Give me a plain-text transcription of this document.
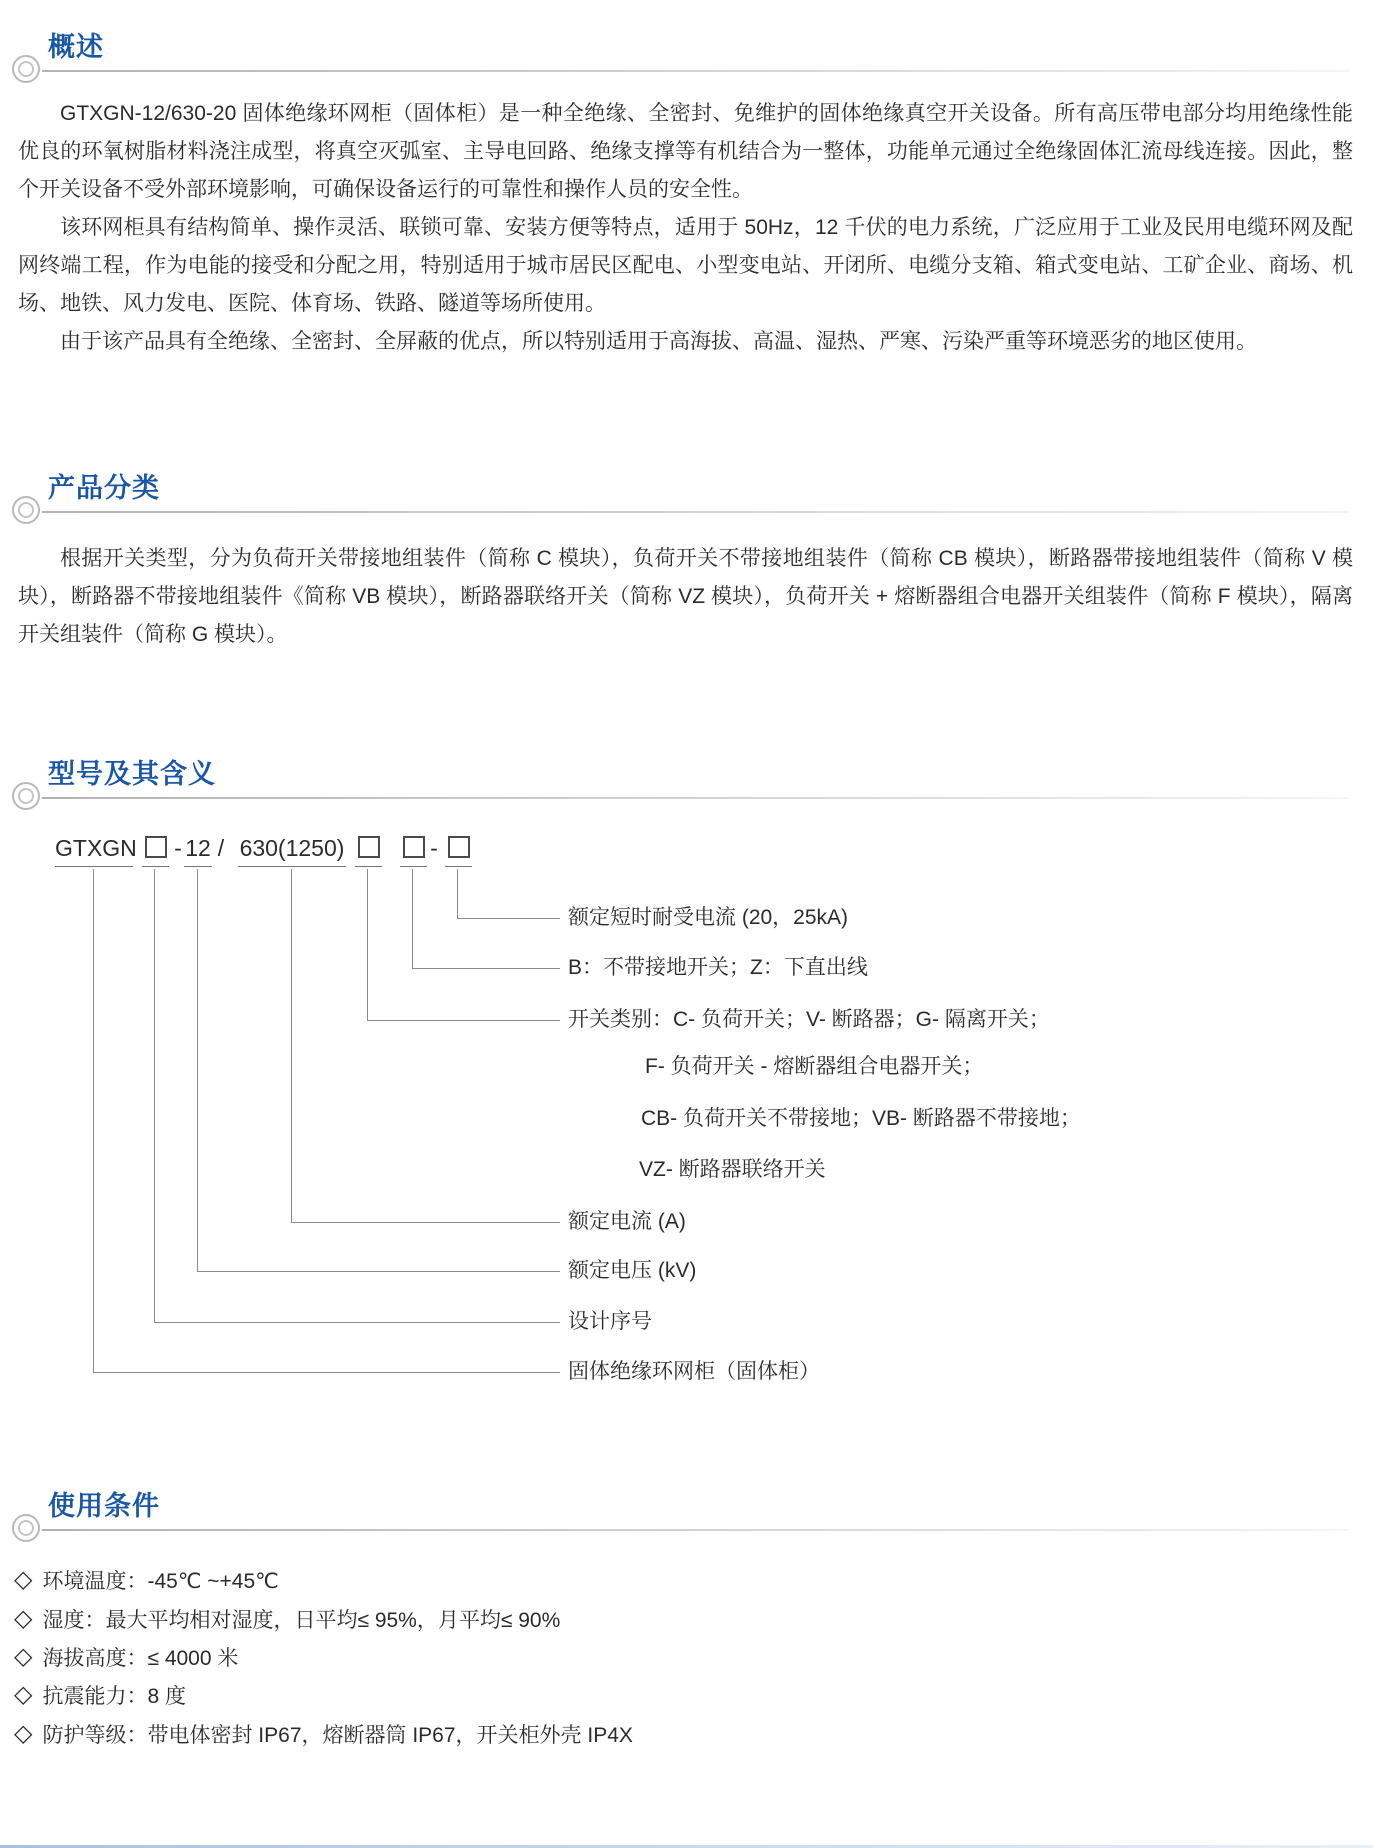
概述

GTXGN-12/630-20 固体绝缘环网柜（固体柜）是一种全绝缘、全密封、免维护的固体绝缘真空开关设备。所有高压带电部分均用绝缘性能优良的环氧树脂材料浇注成型，将真空灭弧室、主导电回路、绝缘支撑等有机结合为一整体，功能单元通过全绝缘固体汇流母线连接。因此，整个开关设备不受外部环境影响，可确保设备运行的可靠性和操作人员的安全性。

该环网柜具有结构简单、操作灵活、联锁可靠、安装方便等特点，适用于 50Hz，12 千伏的电力系统，广泛应用于工业及民用电缆环网及配网终端工程，作为电能的接受和分配之用，特别适用于城市居民区配电、小型变电站、开闭所、电缆分支箱、箱式变电站、工矿企业、商场、机场、地铁、风力发电、医院、体育场、铁路、隧道等场所使用。

由于该产品具有全绝缘、全密封、全屏蔽的优点，所以特别适用于高海拔、高温、湿热、严寒、污染严重等环境恶劣的地区使用。

产品分类

根据开关类型，分为负荷开关带接地组装件（简称 C 模块），负荷开关不带接地组装件（简称 CB 模块），断路器带接地组装件（简称 V 模块），断路器不带接地组装件《简称 VB 模块），断路器联络开关（简称 VZ 模块），负荷开关 + 熔断器组合电器开关组装件（简称 F 模块），隔离开关组装件（简称 G 模块）。

型号及其含义
GTXGN - 12 / 630(1250)	-
额定短时耐受电流 (20，25kA)
B：不带接地开关；Z：下直出线
开关类别：C- 负荷开关；V- 断路器；G- 隔离开关；
F- 负荷开关 - 熔断器组合电器开关；
CB- 负荷开关不带接地；VB- 断路器不带接地；
VZ- 断路器联络开关
额定电流 (A)
额定电压 (kV)
设计序号
固体绝缘环网柜（固体柜）
使用条件
◇ 环境温度：-45℃ ~+45℃
◇ 湿度：最大平均相对湿度，日平均≤ 95%，月平均≤ 90%
◇ 海拔高度：≤ 4000 米
◇ 抗震能力：8 度
◇ 防护等级：带电体密封 IP67，熔断器筒 IP67，开关柜外壳 IP4X
